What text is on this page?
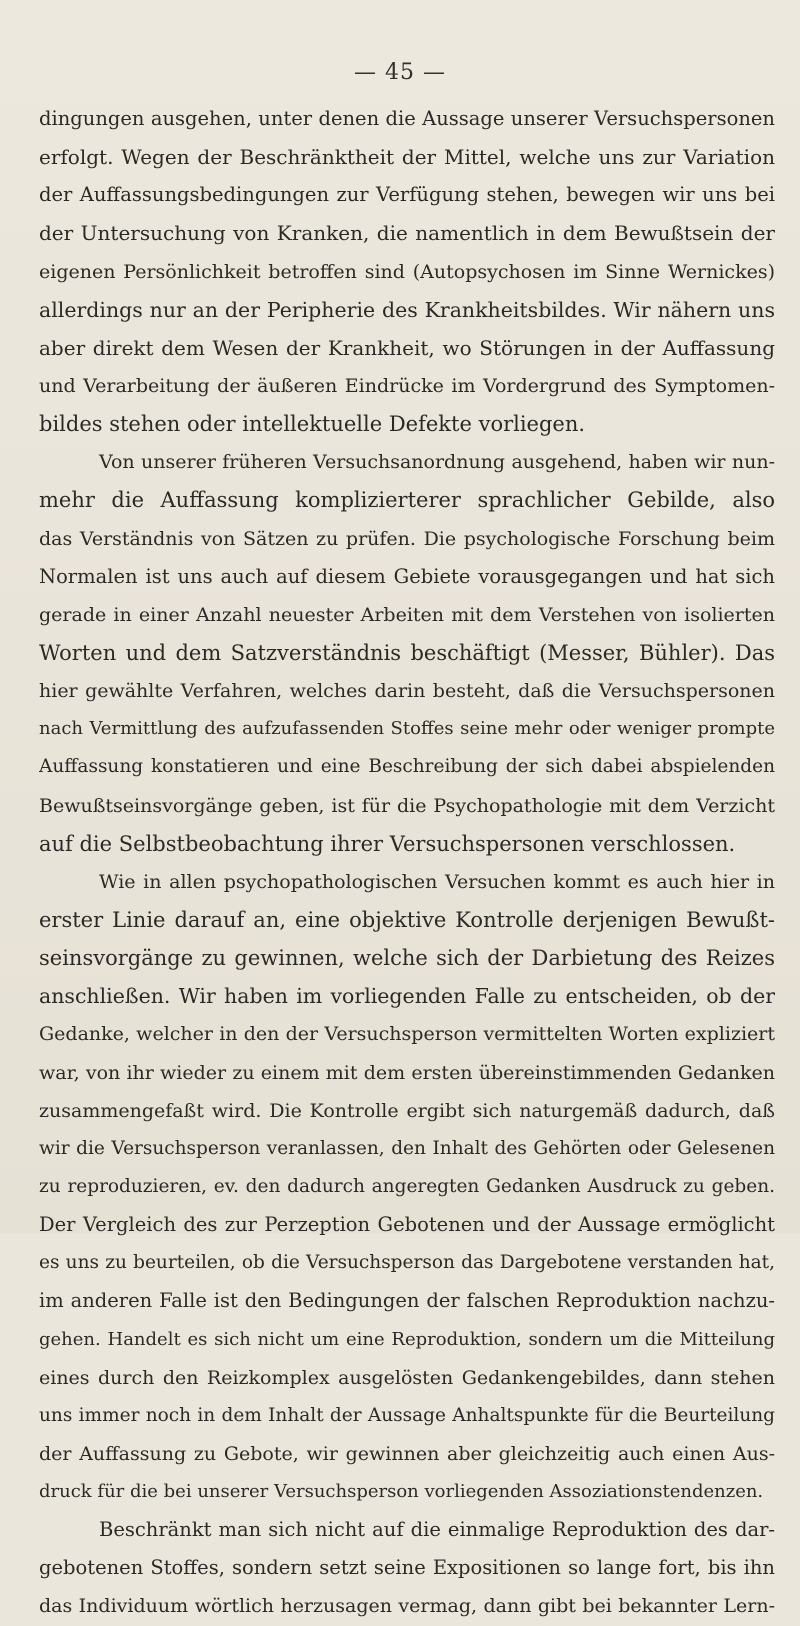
— 45 —
dingungen ausgehen, unter denen die Aussage unserer Versuchspersonen
erfolgt. Wegen der Beschränktheit der Mittel, welche uns zur Variation
der Auffassungsbedingungen zur Verfügung stehen, bewegen wir uns bei
der Untersuchung von Kranken, die namentlich in dem Bewußtsein der
eigenen Persönlichkeit betroffen sind (Autopsychosen im Sinne Wernickes)
allerdings nur an der Peripherie des Krankheitsbildes. Wir nähern uns
aber direkt dem Wesen der Krankheit, wo Störungen in der Auffassung
und Verarbeitung der äußeren Eindrücke im Vordergrund des Symptomen-
bildes stehen oder intellektuelle Defekte vorliegen.
Von unserer früheren Versuchsanordnung ausgehend, haben wir nun-
mehr die Auffassung komplizierterer sprachlicher Gebilde, also
das Verständnis von Sätzen zu prüfen. Die psychologische Forschung beim
Normalen ist uns auch auf diesem Gebiete vorausgegangen und hat sich
gerade in einer Anzahl neuester Arbeiten mit dem Verstehen von isolierten
Worten und dem Satzverständnis beschäftigt (Messer, Bühler). Das
hier gewählte Verfahren, welches darin besteht, daß die Versuchspersonen
nach Vermittlung des aufzufassenden Stoffes seine mehr oder weniger prompte
Auffassung konstatieren und eine Beschreibung der sich dabei abspielenden
Bewußtseinsvorgänge geben, ist für die Psychopathologie mit dem Verzicht
auf die Selbstbeobachtung ihrer Versuchspersonen verschlossen.
Wie in allen psychopathologischen Versuchen kommt es auch hier in
erster Linie darauf an, eine objektive Kontrolle derjenigen Bewußt-
seinsvorgänge zu gewinnen, welche sich der Darbietung des Reizes
anschließen. Wir haben im vorliegenden Falle zu entscheiden, ob der
Gedanke, welcher in den der Versuchsperson vermittelten Worten expliziert
war, von ihr wieder zu einem mit dem ersten übereinstimmenden Gedanken
zusammengefaßt wird. Die Kontrolle ergibt sich naturgemäß dadurch, daß
wir die Versuchsperson veranlassen, den Inhalt des Gehörten oder Gelesenen
zu reproduzieren, ev. den dadurch angeregten Gedanken Ausdruck zu geben.
Der Vergleich des zur Perzeption Gebotenen und der Aussage ermöglicht
es uns zu beurteilen, ob die Versuchsperson das Dargebotene verstanden hat,
im anderen Falle ist den Bedingungen der falschen Reproduktion nachzu-
gehen. Handelt es sich nicht um eine Reproduktion, sondern um die Mitteilung
eines durch den Reizkomplex ausgelösten Gedankengebildes, dann stehen
uns immer noch in dem Inhalt der Aussage Anhaltspunkte für die Beurteilung
der Auffassung zu Gebote, wir gewinnen aber gleichzeitig auch einen Aus-
druck für die bei unserer Versuchsperson vorliegenden Assoziationstendenzen.
Beschränkt man sich nicht auf die einmalige Reproduktion des dar-
gebotenen Stoffes, sondern setzt seine Expositionen so lange fort, bis ihn
das Individuum wörtlich herzusagen vermag, dann gibt bei bekannter Lern-
